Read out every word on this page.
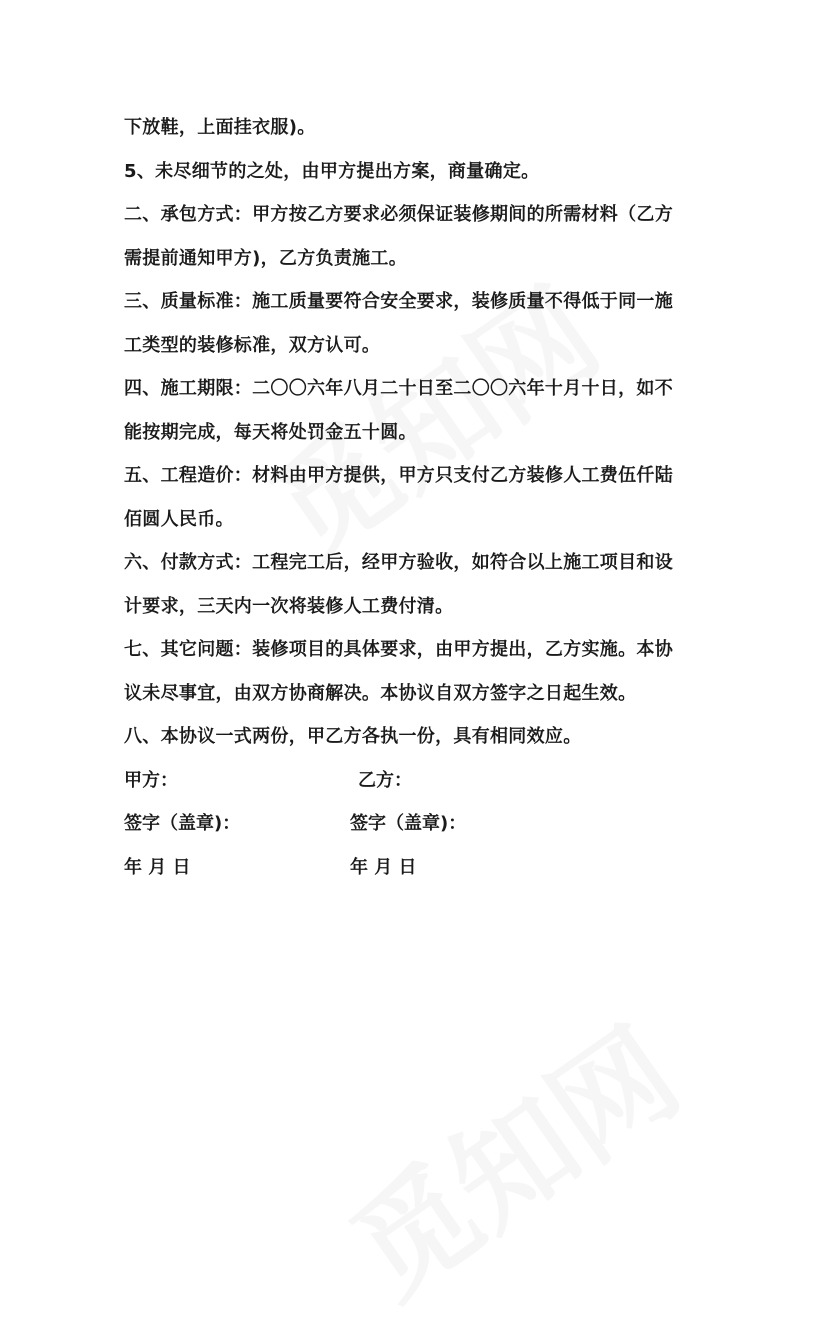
下放鞋，上面挂衣服)。
5、未尽细节的之处，由甲方提出方案，商量确定。
二、承包方式：甲方按乙方要求必须保证装修期间的所需材料（乙方
需提前通知甲方)，乙方负责施工。
三、质量标准：施工质量要符合安全要求，装修质量不得低于同一施
工类型的装修标准，双方认可。
四、施工期限：二〇〇六年八月二十日至二〇〇六年十月十日，如不
能按期完成，每天将处罚金五十圆。
五、工程造价：材料由甲方提供，甲方只支付乙方装修人工费伍仟陆
佰圆人民币。
六、付款方式：工程完工后，经甲方验收，如符合以上施工项目和设
计要求，三天内一次将装修人工费付清。
七、其它问题：装修项目的具体要求，由甲方提出，乙方实施。本协
议未尽事宜，由双方协商解决。本协议自双方签字之日起生效。
八、本协议一式两份，甲乙方各执一份，具有相同效应。
甲方：	乙方：
签字（盖章)：	签字（盖章)：
年 月 日	年 月 日
